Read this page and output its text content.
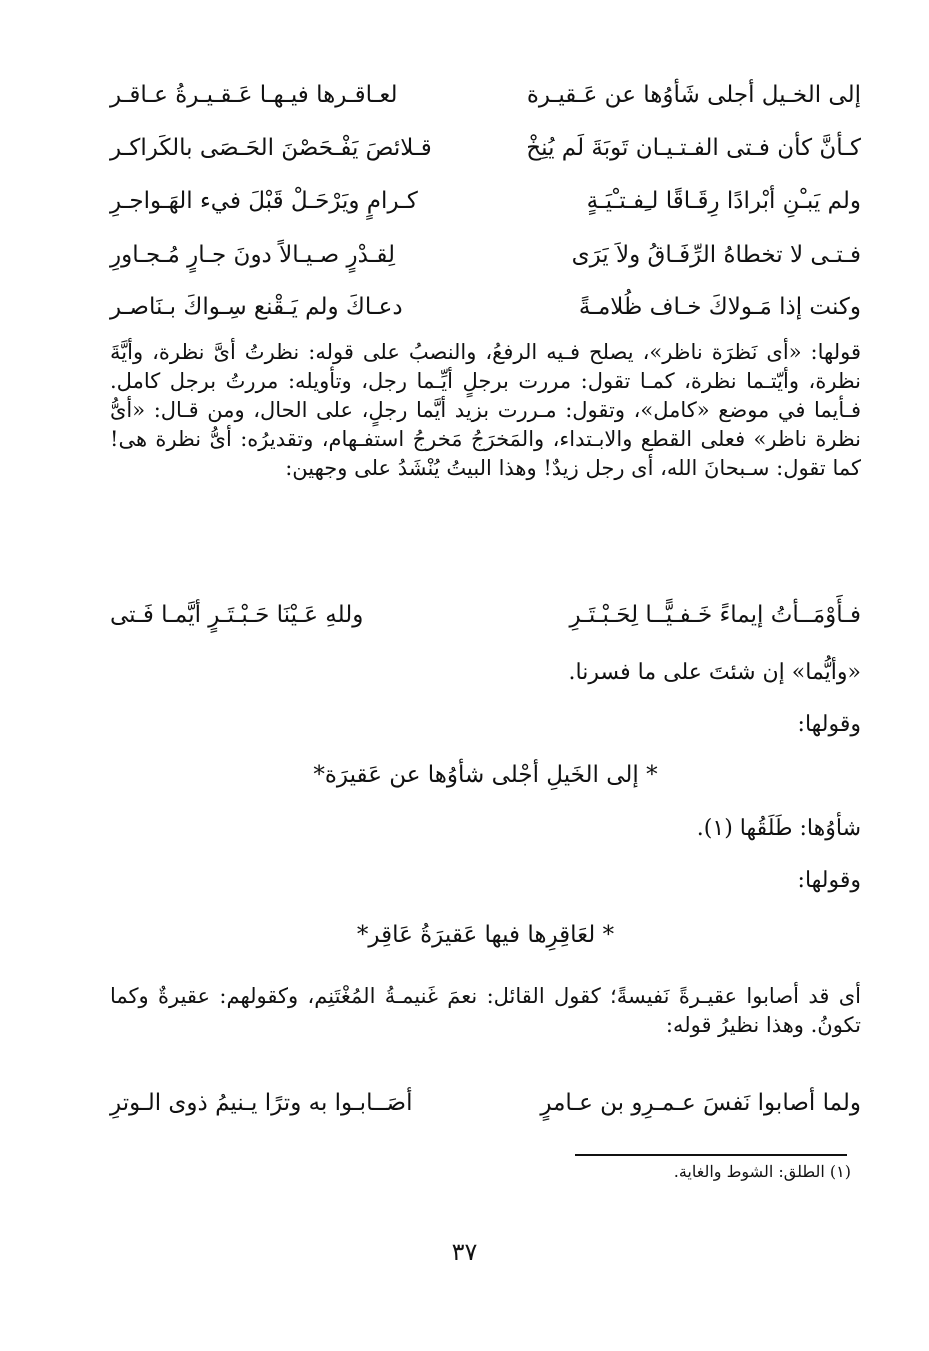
إلى الخـيل أجلى شَأوُها عن عَـقيـرة
لعـاقـرها فيـهـا عَـقـيـرةُ عـاقـر
كـأنَّ كأن فـتى الفـتـيـان تَوبَةَ لَم يُنِخْ
قـلائصَ يَفْـحَصْنَ الحَـصَى بالكَراكـر
ولم يَبـْنِ أبْرادًا رِقَـاقًا لـِفـتـْيَـةٍ
كـرامٍ ويَرْحَـلْ قَبْلَ فيء الهَـواجـرِ
فـتـى لا تخطاهُ الرِّفَـاقُ ولاَ يَرَى
لِقـدْرٍ صـيـالاً دونَ جـارٍ مُـجـاورِ
وكنت إذا مَـولاكَ خـاف ظُلامـةً
دعـاكَ ولم يَـقْنع سِـواكَ بـنَاصـر
قولها: «أى نَظرَة ناظر»، يصلح فـيه الرفعُ، والنصبُ على قوله: نظرتُ أىَّ نظرة، وأيَّةَ نظرة، وأيّتـما نظرة، كمـا تقول: مررت برجلٍ أيِّـما رجل، وتأويله: مررتُ برجل كامل. فـأيما في موضع «كامل»، وتقول: مـررت بزيد أيَّما رجلٍ، على الحال، ومن قـال: «أىُّ نظرة ناظر» فعلى القطع والابـتداء، والمَخرَجُ مَخرجُ استفـهام، وتقديرُه: أىُّ نظرة هى! كما تقول: سـبحانَ الله، أى رجل زيدٌ! وهذا البيتُ يُنْشَدُ على وجهين:
وللهِ عَـيْنَا حَـبْـتَـرٍ أيَّمـا فَـتى	فـأَوْمَــأتُ إيماءً خَـفـيًّــا لِحَـبْـتَـرِ
«وأيُّما» إن شئتَ على ما فسرنا.
وقولها:
* إلى الخَيلِ أجْلى شأوُها عن عَقيرَة*
شأوُها: طَلَقُها (١).
وقولها:
* لعَاقِرِها فيها عَقيرَةُ عَاقِر*
أى قد أصابوا عقيـرةً نَفيسةً؛ كقول القائل: نعمَ غَنيمـةُ المُغْتَنِم، وكقولهم: عقيرةٌ وكما تكونُ. وهذا نظيرُ قوله:
ولما أصابوا نَفسَ عـمـرِو بن عـامرٍ
أصَــابـوا به وترًا يـنيمُ ذوى الـوترِ
(١) الطلق: الشوط والغاية.
٣٧
